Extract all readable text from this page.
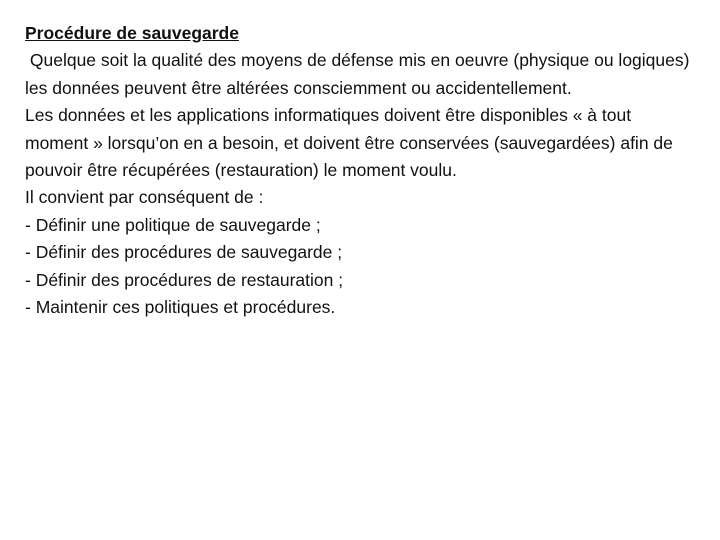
Procédure de sauvegarde

Quelque soit la qualité des moyens de défense mis en oeuvre (physique ou logiques) les données peuvent être altérées consciemment ou accidentellement.

Les données et les applications informatiques doivent être disponibles « à tout moment » lorsqu’on en a besoin, et doivent être conservées (sauvegardées) afin de pouvoir être récupérées (restauration) le moment voulu.

Il convient par conséquent de :

- Définir une politique de sauvegarde ;

- Définir des procédures de sauvegarde ;

- Définir des procédures de restauration ;

- Maintenir ces politiques et procédures.
